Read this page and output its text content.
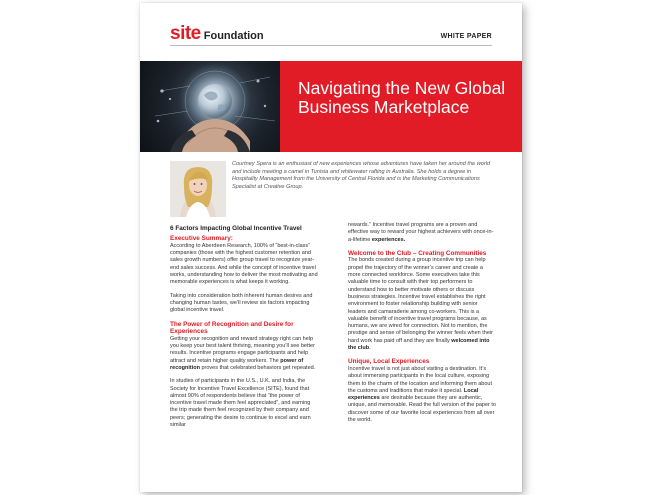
site Foundation	WHITE PAPER
Navigating the New Global Business Marketplace
Courtney Spera is an enthusiast of new experiences whose adventures have taken her around the world and include meeting a camel in Tunisia and whitewater rafting in Australia. She holds a degree in Hospitality Management from the University of Central Florida and is the Marketing Communications Specialist at Creative Group.
6 Factors Impacting Global Incentive Travel
Executive Summary:

According to Aberdeen Research, 100% of “best-in-class” companies (those with the highest customer retention and sales growth numbers) offer group travel to recognize year-end sales success. And while the concept of incentive travel works, understanding how to deliver the most motivating and memorable experiences is what keeps it working.

Taking into consideration both inherent human desires and changing human tastes, we’ll review six factors impacting global incentive travel.

The Power of Recognition and Desire for Experiences

Getting your recognition and reward strategy right can help you keep your best talent thriving, meaning you’ll see better results. Incentive programs engage participants and help attract and retain higher quality workers. The power of recognition proves that celebrated behaviors get repeated.

In studies of participants in the U.S., U.K. and India, the Society for Incentive Travel Excellence (SITE), found that almost 90% of respondents believe that “the power of incentive travel made them feel appreciated”, and earning the trip made them feel recognized by their company and peers; generating the desire to continue to excel and earn similar

rewards.” Incentive travel programs are a proven and effective way to reward your highest achievers with once-in-a-lifetime experiences.

Welcome to the Club – Creating Communities

The bonds created during a group incentive trip can help propel the trajectory of the winner’s career and create a more connected workforce. Some executives take this valuable time to consult with their top performers to understand how to better motivate others or discuss business strategies. Incentive travel establishes the right environment to foster relationship building with senior leaders and camaraderie among co-workers. This is a valuable benefit of incentive travel programs because, as humans, we are wired for connection. Not to mention, the prestige and sense of belonging the winner feels when their hard work has paid off and they are finally welcomed into the club.

Unique, Local Experiences

Incentive travel is not just about visiting a destination. It’s about immersing participants in the local culture, exposing them to the charm of the location and informing them about the customs and traditions that make it special. Local experiences are desirable because they are authentic, unique, and memorable. Read the full version of the paper to discover some of our favorite local experiences from all over the world.
